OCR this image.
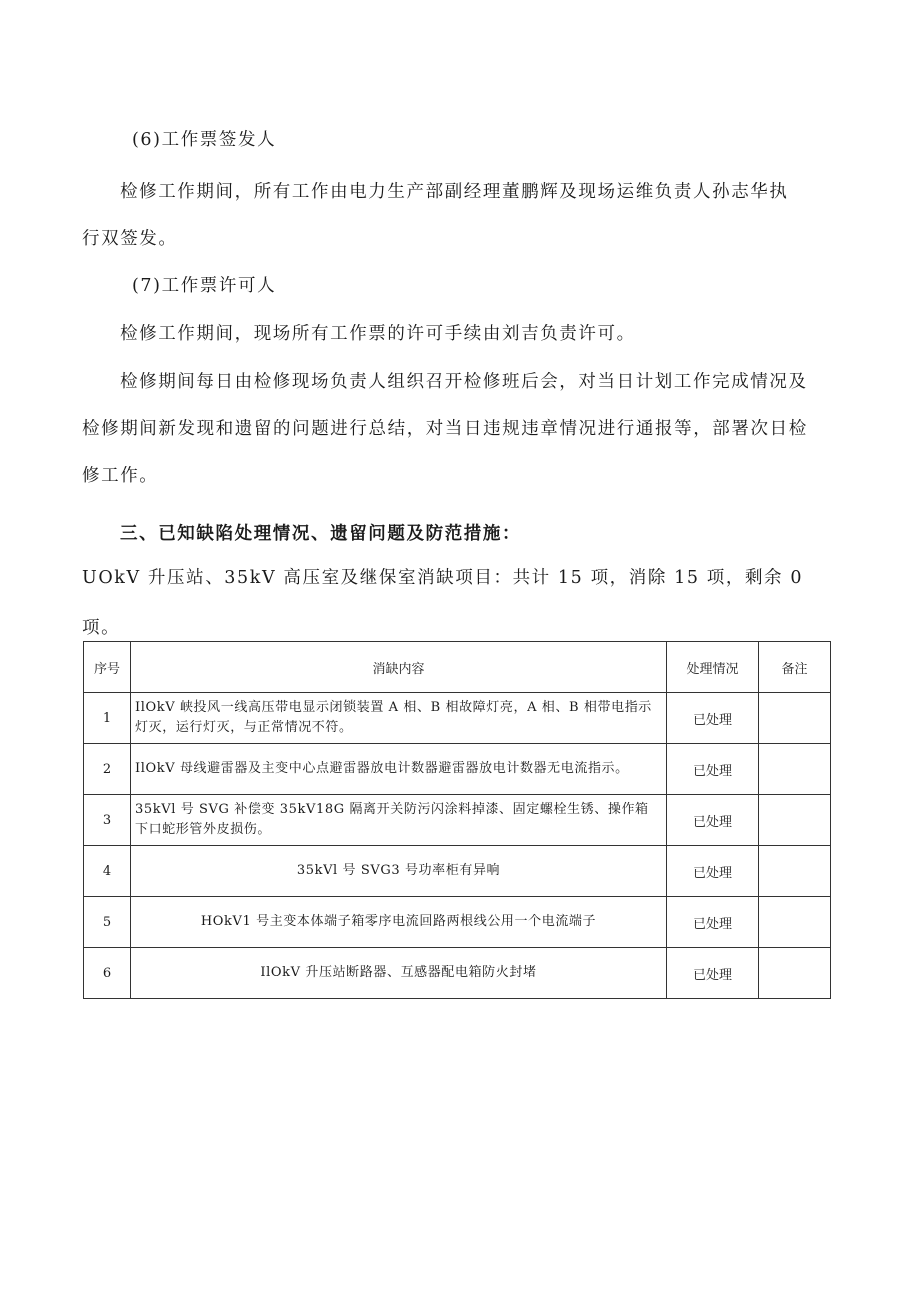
(6)工作票签发人
检修工作期间，所有工作由电力生产部副经理董鹏辉及现场运维负责人孙志华执
行双签发。
(7)工作票许可人
检修工作期间，现场所有工作票的许可手续由刘吉负责许可。
检修期间每日由检修现场负责人组织召开检修班后会，对当日计划工作完成情况及
检修期间新发现和遗留的问题进行总结，对当日违规违章情况进行通报等，部署次日检
修工作。
三、已知缺陷处理情况、遗留问题及防范措施：
UOkV 升压站、35kV 高压室及继保室消缺项目：共计 15 项，消除 15 项，剩余 0
项。
序号	消缺内容	处理情况	备注
1	IlOkV 峡投风一线高压带电显示闭锁装置 A 相、B 相故障灯亮，A 相、B 相带电指示灯灭，运行灯灭，与正常情况不符。	已处理	
2	IlOkV 母线避雷器及主变中心点避雷器放电计数器避雷器放电计数器无电流指示。	已处理	
3	35kVl 号 SVG 补偿变 35kV18G 隔离开关防污闪涂料掉漆、固定螺栓生锈、操作箱下口蛇形管外皮损伤。	已处理	
4	35kVl 号 SVG3 号功率柜有异响	已处理	
5	HOkV1 号主变本体端子箱零序电流回路两根线公用一个电流端子	已处理	
6	IlOkV 升压站断路器、互感器配电箱防火封堵	已处理	
